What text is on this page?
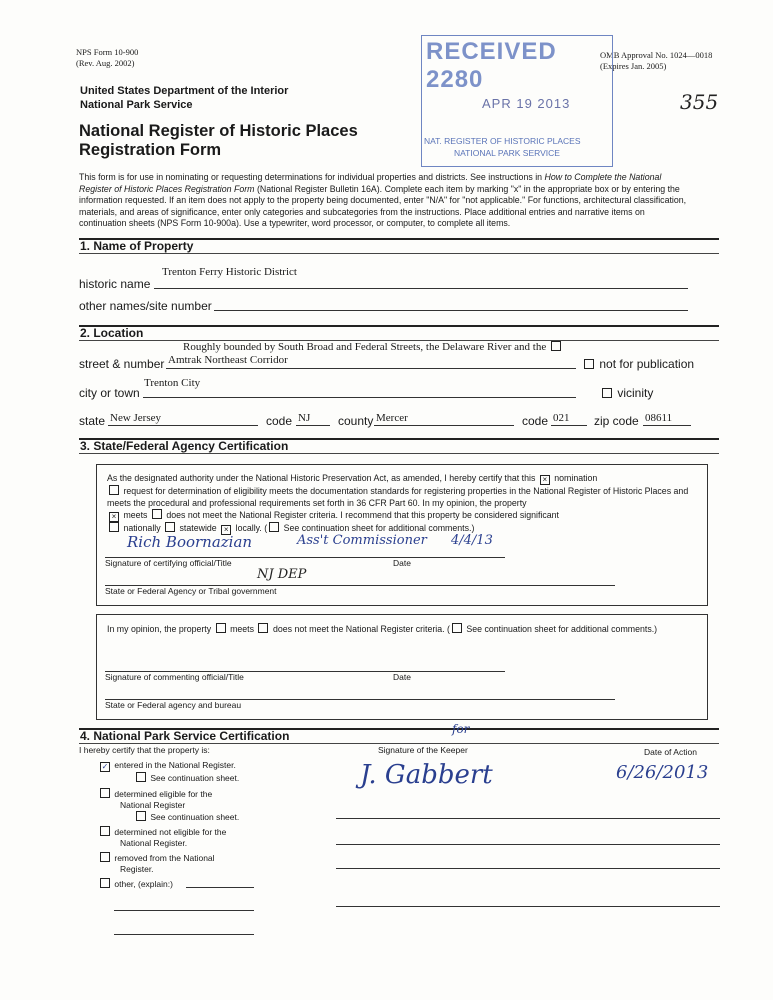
NPS Form 10-900
(Rev. Aug. 2002)
OMB Approval No. 1024—0018
(Expires Jan. 2005)
United States Department of the Interior
National Park Service
National Register of Historic Places
Registration Form
RECEIVED 2280
APR 19 2013
NAT. REGISTER OF HISTORIC PLACES
NATIONAL PARK SERVICE
355
This form is for use in nominating or requesting determinations for individual properties and districts. See instructions in How to Complete the National Register of Historic Places Registration Form (National Register Bulletin 16A). Complete each item by marking "x" in the appropriate box or by entering the information requested. If an item does not apply to the property being documented, enter "N/A" for "not applicable." For functions, architectural classification, materials, and areas of significance, enter only categories and subcategories from the instructions. Place additional entries and narrative items on continuation sheets (NPS Form 10-900a). Use a typewriter, word processor, or computer, to complete all items.
1. Name of Property
historic name
Trenton Ferry Historic District
other names/site number
2. Location
Roughly bounded by South Broad and Federal Streets, the Delaware River and the
street & number Amtrak Northeast Corridor	not for publication
city or town
Trenton City
vicinity
state New Jersey	code NJ county Mercer	code 021 zip code 08611
3. State/Federal Agency Certification
As the designated authority under the National Historic Preservation Act, as amended, I hereby certify that this × nomination
request for determination of eligibility meets the documentation standards for registering properties in the National Register of Historic Places and meets the procedural and professional requirements set forth in 36 CFR Part 60. In my opinion, the property
× meets does not meet the National Register criteria. I recommend that this property be considered significant
nationally statewide × locally. ( See continuation sheet for additional comments.)
Rich Boornazian	Ass't Commissioner 4/4/13
Signature of certifying official/Title	Date
NJ DEP
State or Federal Agency or Tribal government
In my opinion, the property meets does not meet the National Register criteria. ( See continuation sheet for additional comments.)
Signature of commenting official/Title	Date
State or Federal agency and bureau
4. National Park Service Certification
I hereby certify that the property is:
✓ entered in the National Register.
See continuation sheet.
determined eligible for the
National Register
See continuation sheet.
determined not eligible for the
National Register.
removed from the National
Register.
other, (explain:)
Signature of the Keeper	Date of Action
for
J. Gabbert	6/26/2013
